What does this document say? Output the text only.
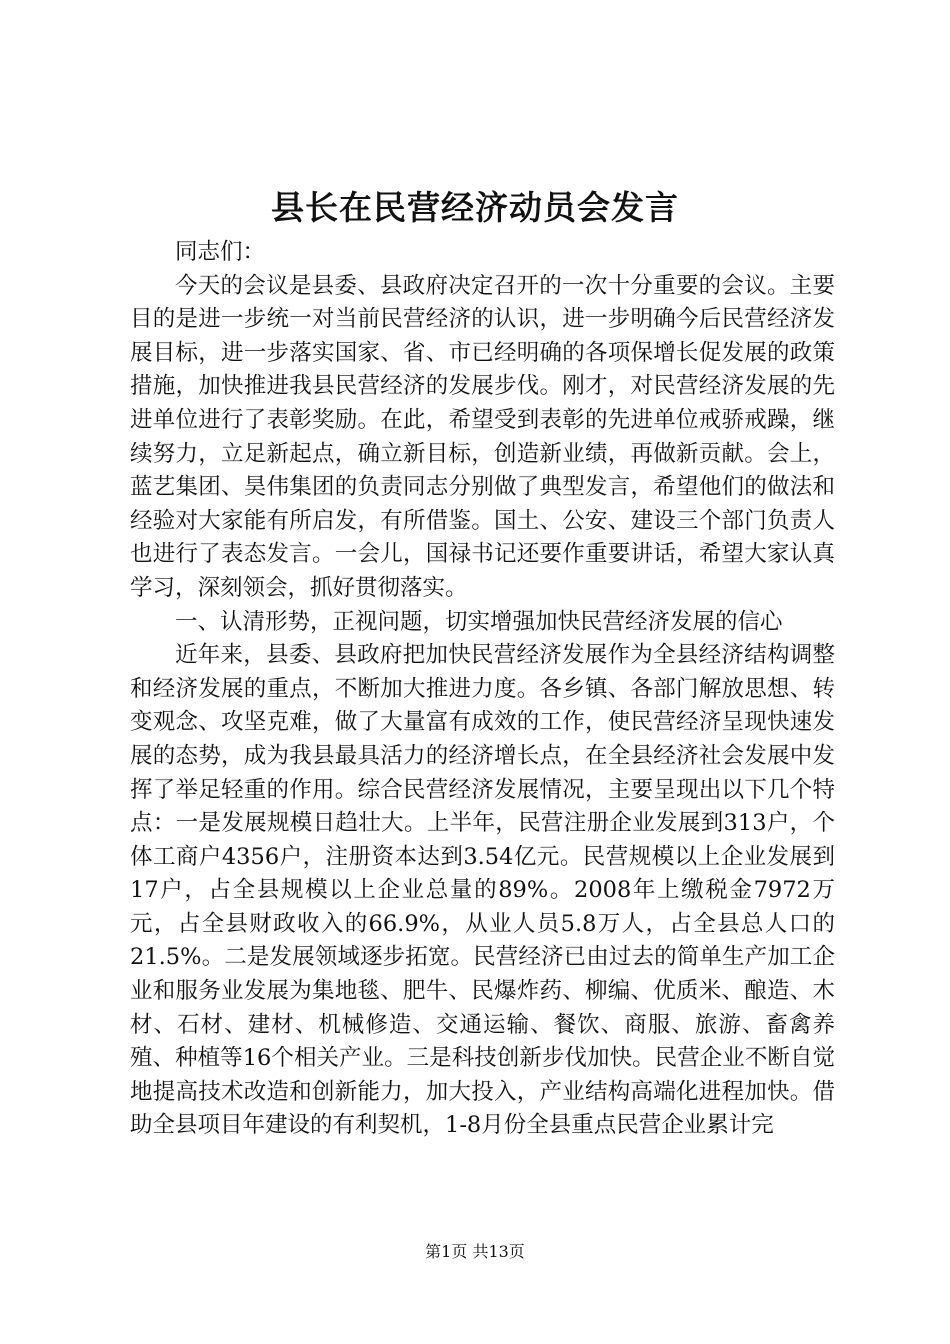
县长在民营经济动员会发言

同志们：

今天的会议是县委、县政府决定召开的一次十分重要的会议。主要目的是进一步统一对当前民营经济的认识，进一步明确今后民营经济发展目标，进一步落实国家、省、市已经明确的各项保增长促发展的政策措施，加快推进我县民营经济的发展步伐。刚才，对民营经济发展的先进单位进行了表彰奖励。在此，希望受到表彰的先进单位戒骄戒躁，继续努力，立足新起点，确立新目标，创造新业绩，再做新贡献。会上，蓝艺集团、昊伟集团的负责同志分别做了典型发言，希望他们的做法和经验对大家能有所启发，有所借鉴。国土、公安、建设三个部门负责人也进行了表态发言。一会儿，国禄书记还要作重要讲话，希望大家认真学习，深刻领会，抓好贯彻落实。

一、认清形势，正视问题，切实增强加快民营经济发展的信心

近年来，县委、县政府把加快民营经济发展作为全县经济结构调整和经济发展的重点，不断加大推进力度。各乡镇、各部门解放思想、转变观念、攻坚克难，做了大量富有成效的工作，使民营经济呈现快速发展的态势，成为我县最具活力的经济增长点，在全县经济社会发展中发挥了举足轻重的作用。综合民营经济发展情况，主要呈现出以下几个特点：一是发展规模日趋壮大。上半年，民营注册企业发展到313户，个体工商户4356户，注册资本达到3.54亿元。民营规模以上企业发展到17户，占全县规模以上企业总量的89%。2008年上缴税金7972万元，占全县财政收入的66.9%，从业人员5.8万人，占全县总人口的21.5%。二是发展领域逐步拓宽。民营经济已由过去的简单生产加工企业和服务业发展为集地毯、肥牛、民爆炸药、柳编、优质米、酿造、木材、石材、建材、机械修造、交通运输、餐饮、商服、旅游、畜禽养殖、种植等16个相关产业。三是科技创新步伐加快。民营企业不断自觉地提高技术改造和创新能力，加大投入，产业结构高端化进程加快。借助全县项目年建设的有利契机，1-8月份全县重点民营企业累计完

第1页 共13页
